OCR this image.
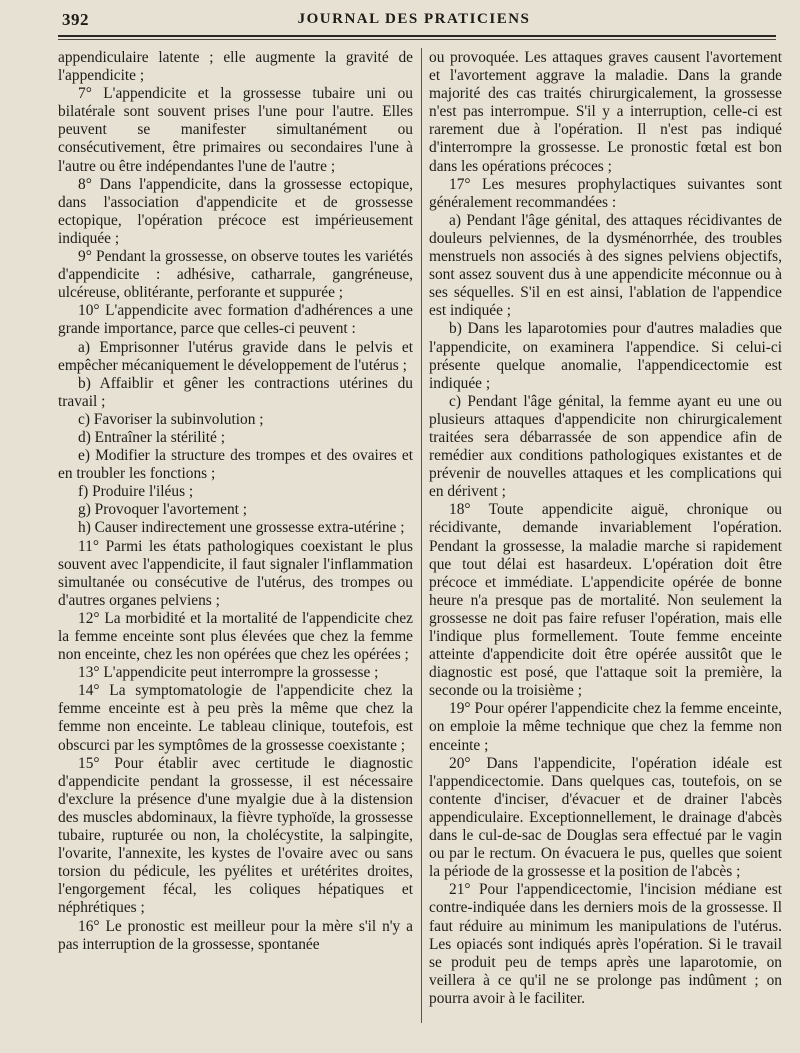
392	JOURNAL DES PRATICIENS

appendiculaire latente ; elle augmente la gravité de l'appendicite ;

7° L'appendicite et la grossesse tubaire uni ou bilatérale sont souvent prises l'une pour l'autre. Elles peuvent se manifester simultanément ou consécutivement, être primaires ou secondaires l'une à l'autre ou être indépendantes l'une de l'autre ;

8° Dans l'appendicite, dans la grossesse ectopique, dans l'association d'appendicite et de grossesse ectopique, l'opération précoce est impérieusement indiquée ;

9° Pendant la grossesse, on observe toutes les variétés d'appendicite : adhésive, catharrale, gangréneuse, ulcéreuse, oblitérante, perforante et suppurée ;

10° L'appendicite avec formation d'adhérences a une grande importance, parce que celles-ci peuvent :

a) Emprisonner l'utérus gravide dans le pelvis et empêcher mécaniquement le développement de l'utérus ;

b) Affaiblir et gêner les contractions utérines du travail ;

c) Favoriser la subinvolution ;

d) Entraîner la stérilité ;

e) Modifier la structure des trompes et des ovaires et en troubler les fonctions ;

f) Produire l'iléus ;

g) Provoquer l'avortement ;

h) Causer indirectement une grossesse extra-utérine ;

11° Parmi les états pathologiques coexistant le plus souvent avec l'appendicite, il faut signaler l'inflammation simultanée ou consécutive de l'utérus, des trompes ou d'autres organes pelviens ;

12° La morbidité et la mortalité de l'appendicite chez la femme enceinte sont plus élevées que chez la femme non enceinte, chez les non opérées que chez les opérées ;

13° L'appendicite peut interrompre la grossesse ;

14° La symptomatologie de l'appendicite chez la femme enceinte est à peu près la même que chez la femme non enceinte. Le tableau clinique, toutefois, est obscurci par les symptômes de la grossesse coexistante ;

15° Pour établir avec certitude le diagnostic d'appendicite pendant la grossesse, il est nécessaire d'exclure la présence d'une myalgie due à la distension des muscles abdominaux, la fièvre typhoïde, la grossesse tubaire, rupturée ou non, la cholécystite, la salpingite, l'ovarite, l'annexite, les kystes de l'ovaire avec ou sans torsion du pédicule, les pyélites et urétérites droites, l'engorgement fécal, les coliques hépatiques et néphrétiques ;

16° Le pronostic est meilleur pour la mère s'il n'y a pas interruption de la grossesse, spontanée

ou provoquée. Les attaques graves causent l'avortement et l'avortement aggrave la maladie. Dans la grande majorité des cas traités chirurgicalement, la grossesse n'est pas interrompue. S'il y a interruption, celle-ci est rarement due à l'opération. Il n'est pas indiqué d'interrompre la grossesse. Le pronostic fœtal est bon dans les opérations précoces ;

17° Les mesures prophylactiques suivantes sont généralement recommandées :

a) Pendant l'âge génital, des attaques récidivantes de douleurs pelviennes, de la dysménorrhée, des troubles menstruels non associés à des signes pelviens objectifs, sont assez souvent dus à une appendicite méconnue ou à ses séquelles. S'il en est ainsi, l'ablation de l'appendice est indiquée ;

b) Dans les laparotomies pour d'autres maladies que l'appendicite, on examinera l'appendice. Si celui-ci présente quelque anomalie, l'appendicectomie est indiquée ;

c) Pendant l'âge génital, la femme ayant eu une ou plusieurs attaques d'appendicite non chirurgicalement traitées sera débarrassée de son appendice afin de remédier aux conditions pathologiques existantes et de prévenir de nouvelles attaques et les complications qui en dérivent ;

18° Toute appendicite aiguë, chronique ou récidivante, demande invariablement l'opération. Pendant la grossesse, la maladie marche si rapidement que tout délai est hasardeux. L'opération doit être précoce et immédiate. L'appendicite opérée de bonne heure n'a presque pas de mortalité. Non seulement la grossesse ne doit pas faire refuser l'opération, mais elle l'indique plus formellement. Toute femme enceinte atteinte d'appendicite doit être opérée aussitôt que le diagnostic est posé, que l'attaque soit la première, la seconde ou la troisième ;

19° Pour opérer l'appendicite chez la femme enceinte, on emploie la même technique que chez la femme non enceinte ;

20° Dans l'appendicite, l'opération idéale est l'appendicectomie. Dans quelques cas, toutefois, on se contente d'inciser, d'évacuer et de drainer l'abcès appendiculaire. Exceptionnellement, le drainage d'abcès dans le cul-de-sac de Douglas sera effectué par le vagin ou par le rectum. On évacuera le pus, quelles que soient la période de la grossesse et la position de l'abcès ;

21° Pour l'appendicectomie, l'incision médiane est contre-indiquée dans les derniers mois de la grossesse. Il faut réduire au minimum les manipulations de l'utérus. Les opiacés sont indiqués après l'opération. Si le travail se produit peu de temps après une laparotomie, on veillera à ce qu'il ne se prolonge pas indûment ; on pourra avoir à le faciliter.
